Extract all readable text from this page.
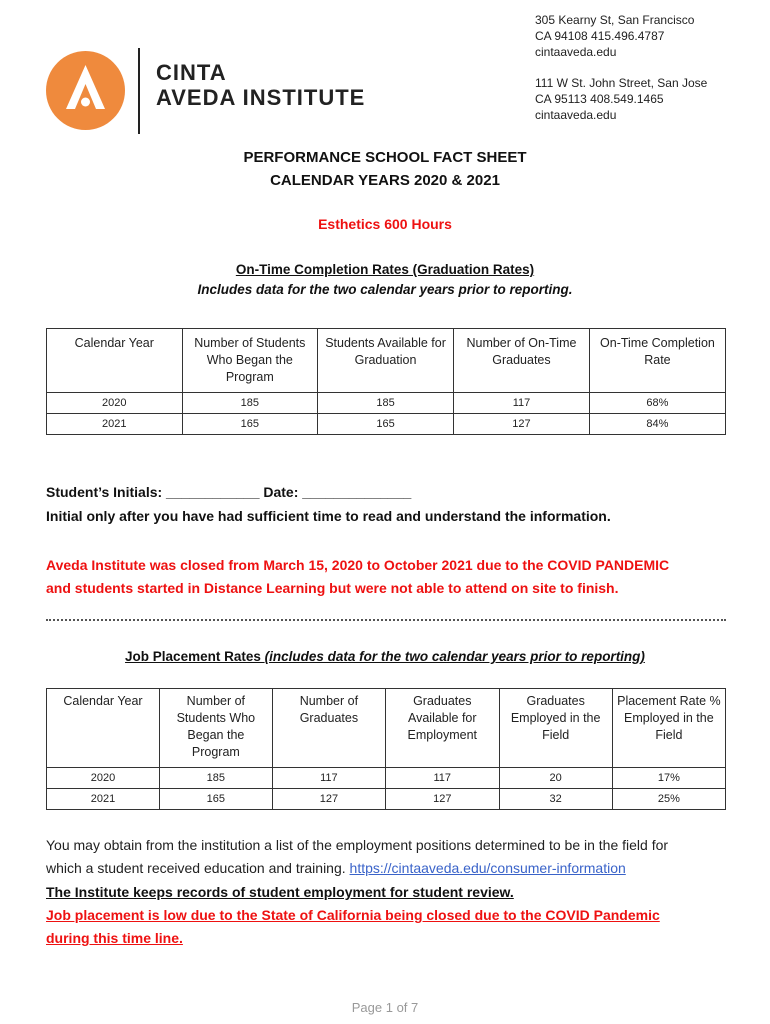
CINTA
AVEDA INSTITUTE
305 Kearny St, San Francisco
CA 94108 415.496.4787
cintaaveda.edu
111 W St. John Street, San Jose
CA 95113 408.549.1465
cintaaveda.edu
PERFORMANCE SCHOOL FACT SHEET
CALENDAR YEARS 2020 & 2021
Esthetics 600 Hours
On-Time Completion Rates (Graduation Rates)
Includes data for the two calendar years prior to reporting.
Calendar Year	Number of Students Who Began the Program	Students Available for Graduation	Number of On-Time Graduates	On-Time Completion Rate
2020	185	185	117	68%
2021	165	165	127	84%
Student’s Initials: ____________ Date: ______________
Initial only after you have had sufficient time to read and understand the information.
Aveda Institute was closed from March 15, 2020 to October 2021 due to the COVID PANDEMIC
and students started in Distance Learning but were not able to attend on site to finish.
Job Placement Rates (includes data for the two calendar years prior to reporting)
Calendar Year	Number of Students Who Began the Program	Number of Graduates	Graduates Available for Employment	Graduates Employed in the Field	Placement Rate % Employed in the Field
2020	185	117	117	20	17%
2021	165	127	127	32	25%
You may obtain from the institution a list of the employment positions determined to be in the field for
which a student received education and training. https://cintaaveda.edu/consumer-information
The Institute keeps records of student employment for student review.
Job placement is low due to the State of California being closed due to the COVID Pandemic
during this time line.
Page 1 of 7
